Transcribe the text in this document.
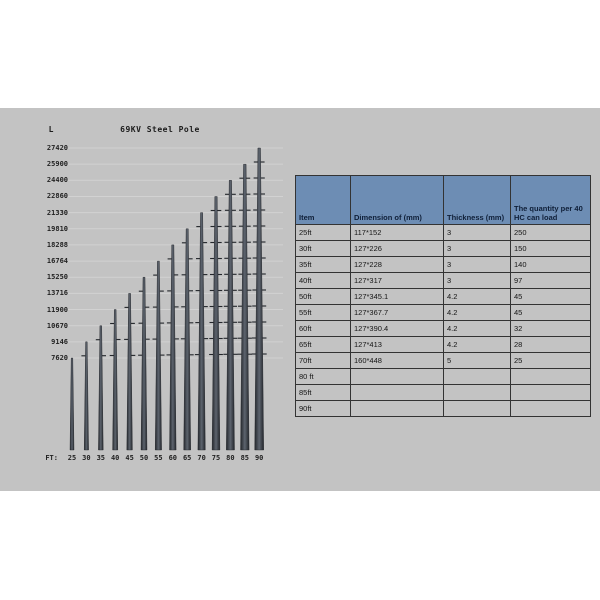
L	69KV Steel Pole
FT:
27420
25900
24400
22860
21330
19810
18288
16764
15250
13716
11900
10670
9146
7620
25 30 35 40 45 50 55 60 65 70 75 80 85 90
Item	Dimension of (mm)	Thickness (mm)	The quantity per 40 HC can load
25ft	117*152	3	250
30ft	127*226	3	150
35ft	127*228	3	140
40ft	127*317	3	97
50ft	127*345.1	4.2	45
55ft	127*367.7	4.2	45
60ft	127*390.4	4.2	32
65ft	127*413	4.2	28
70ft	160*448	5	25
80 ft			
85ft			
90ft			
